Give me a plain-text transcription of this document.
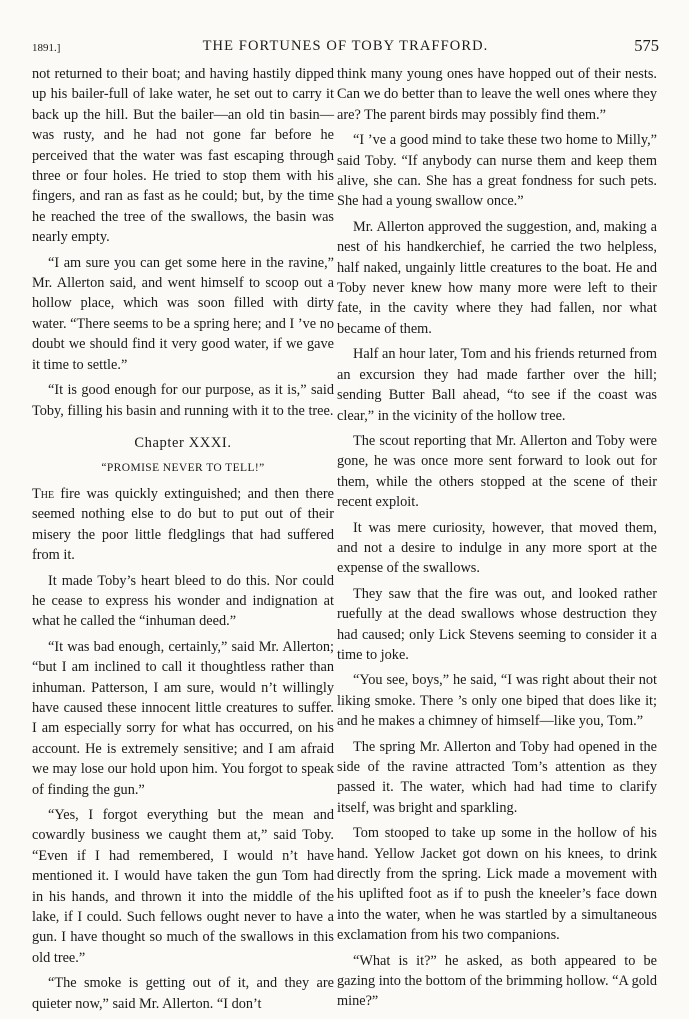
1891.]	THE FORTUNES OF TOBY TRAFFORD.	575

not returned to their boat; and having hastily dipped up his bailer-full of lake water, he set out to carry it back up the hill. But the bailer—an old tin basin—was rusty, and he had not gone far before he perceived that the water was fast escaping through three or four holes. He tried to stop them with his fingers, and ran as fast as he could; but, by the time he reached the tree of the swallows, the basin was nearly empty.

“I am sure you can get some here in the ravine,” Mr. Allerton said, and went himself to scoop out a hollow place, which was soon filled with dirty water. “There seems to be a spring here; and I ’ve no doubt we should find it very good water, if we gave it time to settle.”

“It is good enough for our purpose, as it is,” said Toby, filling his basin and running with it to the tree.

Chapter XXXI.
“PROMISE NEVER TO TELL!”

The fire was quickly extinguished; and then there seemed nothing else to do but to put out of their misery the poor little fledglings that had suffered from it.

It made Toby’s heart bleed to do this. Nor could he cease to express his wonder and indignation at what he called the “inhuman deed.”

“It was bad enough, certainly,” said Mr. Allerton; “but I am inclined to call it thoughtless rather than inhuman. Patterson, I am sure, would n’t willingly have caused these innocent little creatures to suffer. I am especially sorry for what has occurred, on his account. He is extremely sensitive; and I am afraid we may lose our hold upon him. You forgot to speak of finding the gun.”

“Yes, I forgot everything but the mean and cowardly business we caught them at,” said Toby. “Even if I had remembered, I would n’t have mentioned it. I would have taken the gun Tom had in his hands, and thrown it into the middle of the lake, if I could. Such fellows ought never to have a gun. I have thought so much of the swallows in this old tree.”

“The smoke is getting out of it, and they are quieter now,” said Mr. Allerton. “I don’t

think many young ones have hopped out of their nests. Can we do better than to leave the well ones where they are? The parent birds may possibly find them.”

“I ’ve a good mind to take these two home to Milly,” said Toby. “If anybody can nurse them and keep them alive, she can. She has a great fondness for such pets. She had a young swallow once.”

Mr. Allerton approved the suggestion, and, making a nest of his handkerchief, he carried the two helpless, half naked, ungainly little creatures to the boat. He and Toby never knew how many more were left to their fate, in the cavity where they had fallen, nor what became of them.

Half an hour later, Tom and his friends returned from an excursion they had made farther over the hill; sending Butter Ball ahead, “to see if the coast was clear,” in the vicinity of the hollow tree.

The scout reporting that Mr. Allerton and Toby were gone, he was once more sent forward to look out for them, while the others stopped at the scene of their recent exploit.

It was mere curiosity, however, that moved them, and not a desire to indulge in any more sport at the expense of the swallows.

They saw that the fire was out, and looked rather ruefully at the dead swallows whose destruction they had caused; only Lick Stevens seeming to consider it a time to joke.

“You see, boys,” he said, “I was right about their not liking smoke. There ’s only one biped that does like it; and he makes a chimney of himself—like you, Tom.”

The spring Mr. Allerton and Toby had opened in the side of the ravine attracted Tom’s attention as they passed it. The water, which had had time to clarify itself, was bright and sparkling.

Tom stooped to take up some in the hollow of his hand. Yellow Jacket got down on his knees, to drink directly from the spring. Lick made a movement with his uplifted foot as if to push the kneeler’s face down into the water, when he was startled by a simultaneous exclamation from his two companions.

“What is it?” he asked, as both appeared to be gazing into the bottom of the brimming hollow. “A gold mine?”
